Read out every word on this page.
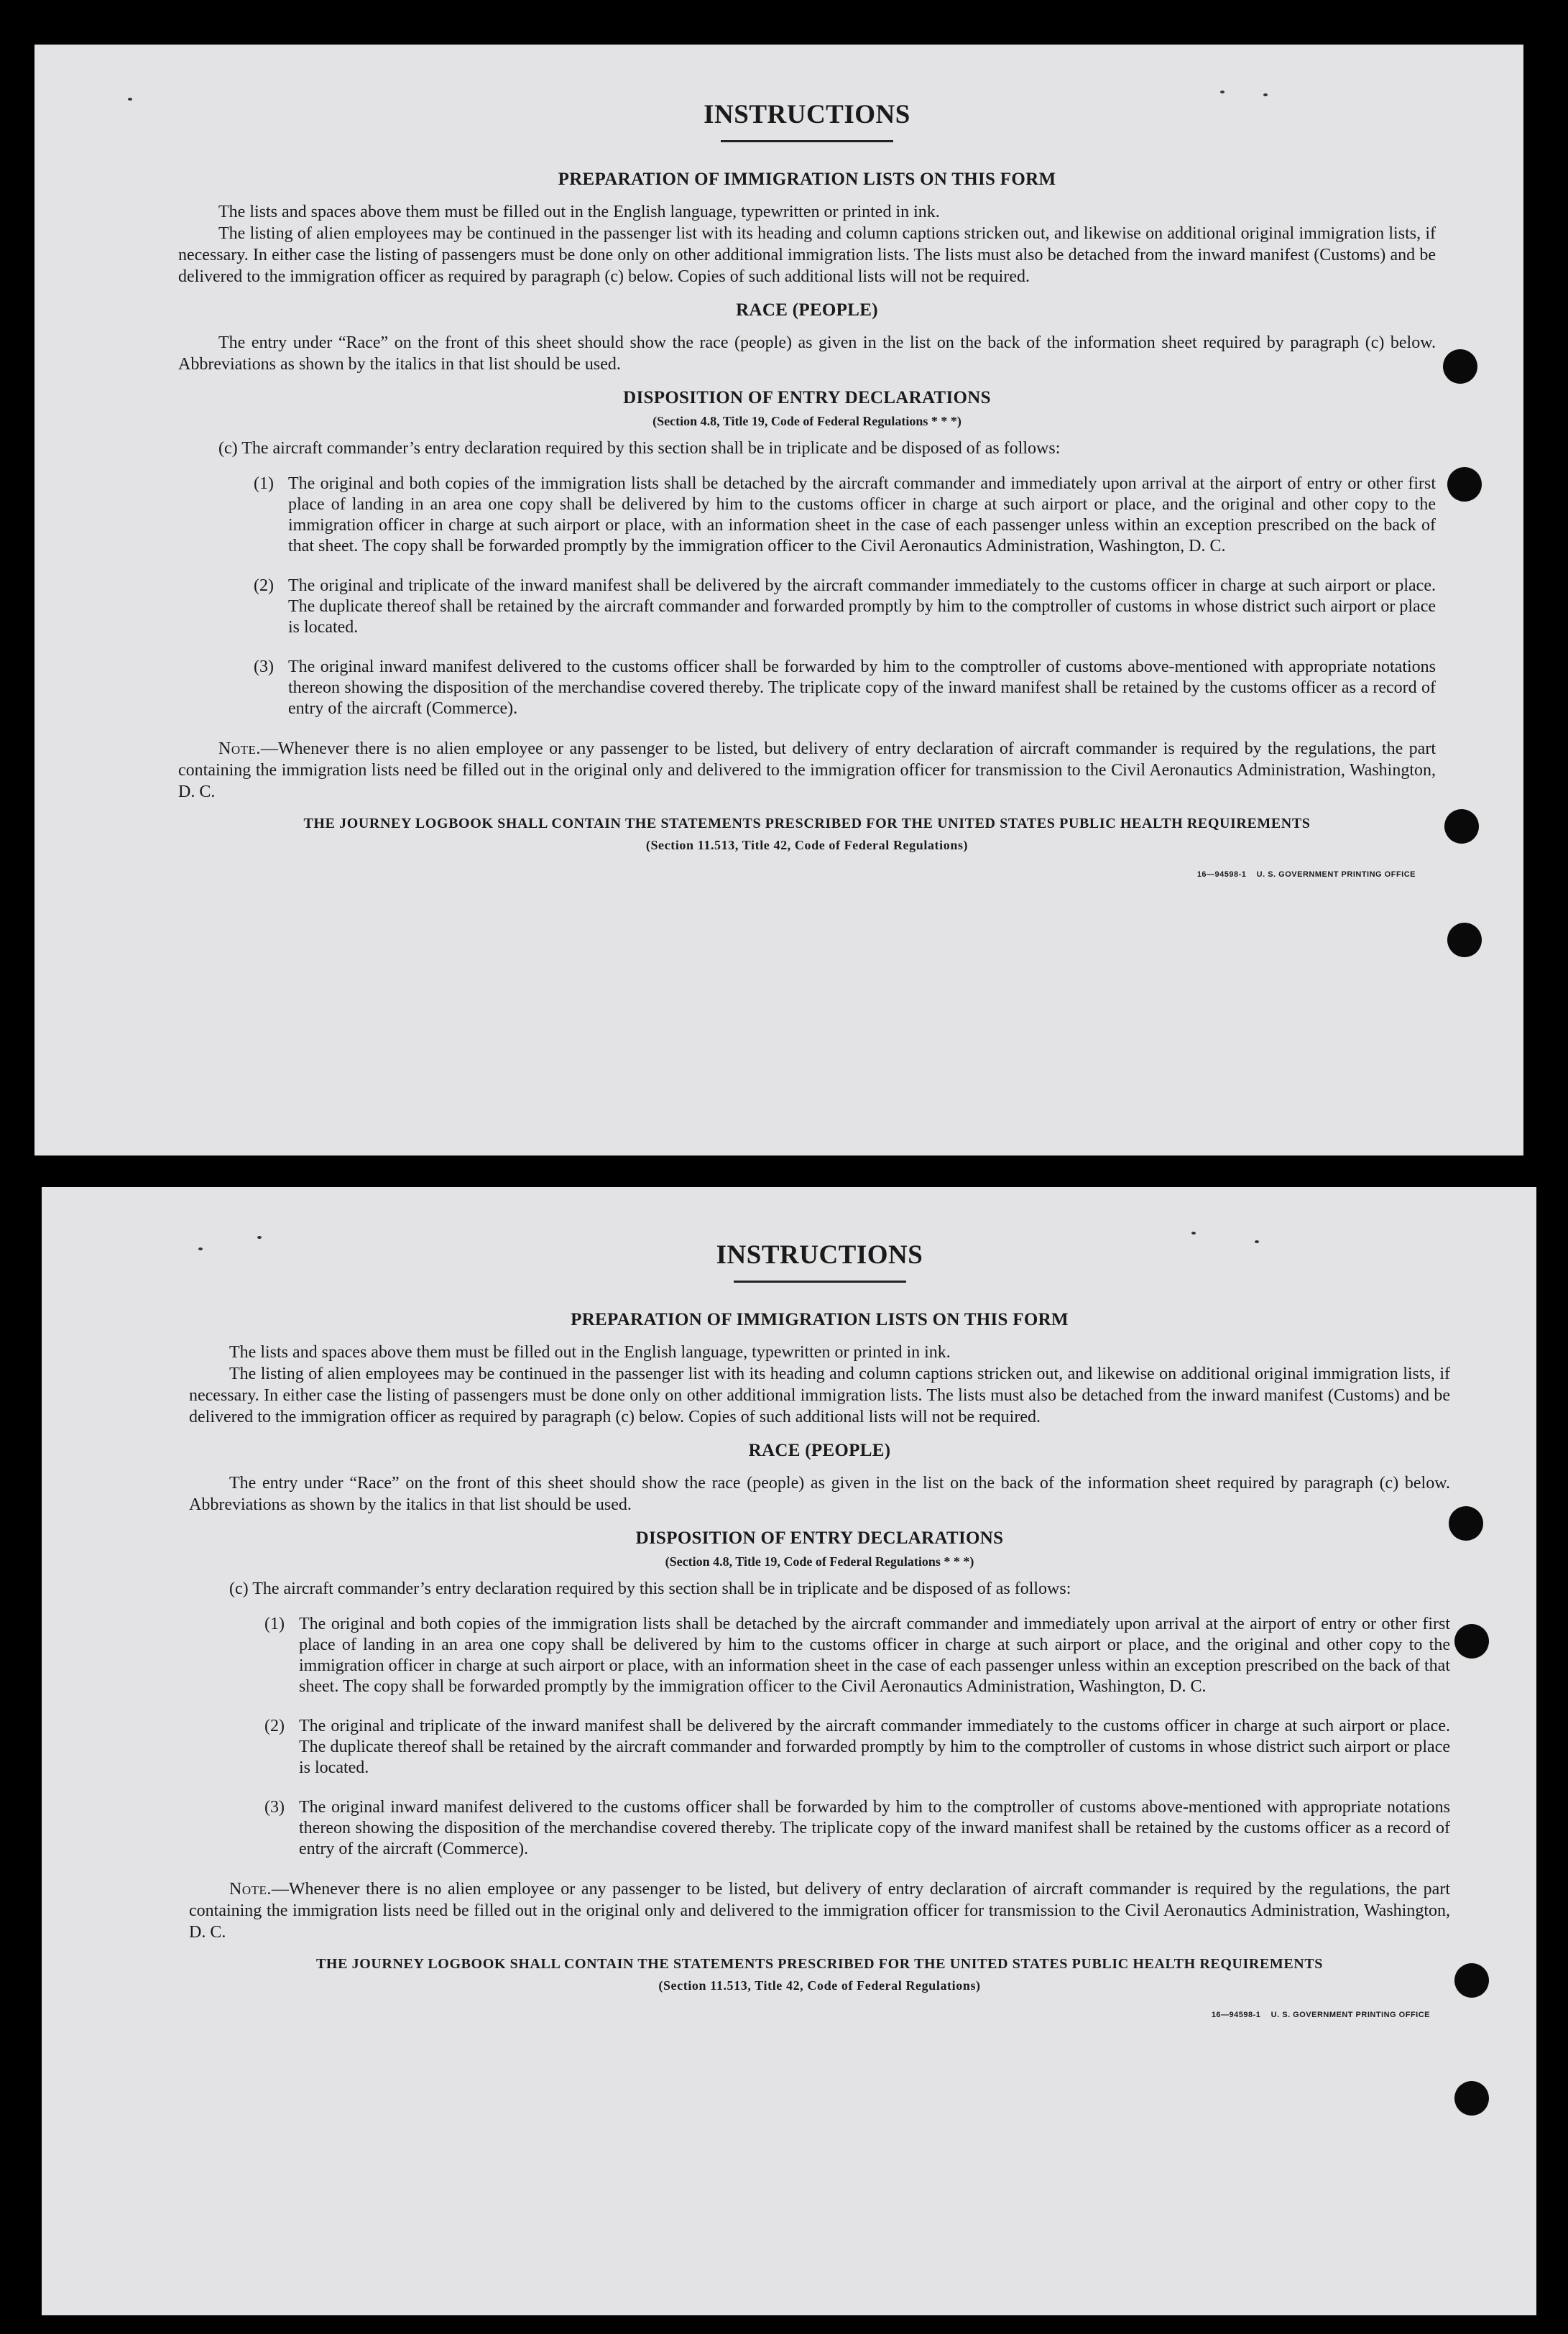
INSTRUCTIONS
PREPARATION OF IMMIGRATION LISTS ON THIS FORM

The lists and spaces above them must be filled out in the English language, typewritten or printed in ink.

The listing of alien employees may be continued in the passenger list with its heading and column captions stricken out, and likewise on additional original immigration lists, if necessary. In either case the listing of passengers must be done only on other additional immigration lists. The lists must also be detached from the inward manifest (Customs) and be delivered to the immigration officer as required by paragraph (c) below. Copies of such additional lists will not be required.

RACE (PEOPLE)

The entry under “Race” on the front of this sheet should show the race (people) as given in the list on the back of the information sheet required by paragraph (c) below. Abbreviations as shown by the italics in that list should be used.

DISPOSITION OF ENTRY DECLARATIONS
(Section 4.8, Title 19, Code of Federal Regulations * * *)

(c) The aircraft commander’s entry declaration required by this section shall be in triplicate and be disposed of as follows:

(1) The original and both copies of the immigration lists shall be detached by the aircraft commander and immediately upon arrival at the airport of entry or other first place of landing in an area one copy shall be delivered by him to the customs officer in charge at such airport or place, and the original and other copy to the immigration officer in charge at such airport or place, with an information sheet in the case of each passenger unless within an exception prescribed on the back of that sheet. The copy shall be forwarded promptly by the immigration officer to the Civil Aeronautics Administration, Washington, D. C.
(2) The original and triplicate of the inward manifest shall be delivered by the aircraft commander immediately to the customs officer in charge at such airport or place. The duplicate thereof shall be retained by the aircraft commander and forwarded promptly by him to the comptroller of customs in whose district such airport or place is located.
(3) The original inward manifest delivered to the customs officer shall be forwarded by him to the comptroller of customs above-mentioned with appropriate notations thereon showing the disposition of the merchandise covered thereby. The triplicate copy of the inward manifest shall be retained by the customs officer as a record of entry of the aircraft (Commerce).

Note.—Whenever there is no alien employee or any passenger to be listed, but delivery of entry declaration of aircraft commander is required by the regulations, the part containing the immigration lists need be filled out in the original only and delivered to the immigration officer for transmission to the Civil Aeronautics Administration, Washington, D. C.

THE JOURNEY LOGBOOK SHALL CONTAIN THE STATEMENTS PRESCRIBED FOR THE UNITED STATES PUBLIC HEALTH REQUIREMENTS
(Section 11.513, Title 42, Code of Federal Regulations)
16—94598-1 U. S. GOVERNMENT PRINTING OFFICE
INSTRUCTIONS
PREPARATION OF IMMIGRATION LISTS ON THIS FORM

The lists and spaces above them must be filled out in the English language, typewritten or printed in ink.

The listing of alien employees may be continued in the passenger list with its heading and column captions stricken out, and likewise on additional original immigration lists, if necessary. In either case the listing of passengers must be done only on other additional immigration lists. The lists must also be detached from the inward manifest (Customs) and be delivered to the immigration officer as required by paragraph (c) below. Copies of such additional lists will not be required.

RACE (PEOPLE)

The entry under “Race” on the front of this sheet should show the race (people) as given in the list on the back of the information sheet required by paragraph (c) below. Abbreviations as shown by the italics in that list should be used.

DISPOSITION OF ENTRY DECLARATIONS
(Section 4.8, Title 19, Code of Federal Regulations * * *)

(c) The aircraft commander’s entry declaration required by this section shall be in triplicate and be disposed of as follows:

(1) The original and both copies of the immigration lists shall be detached by the aircraft commander and immediately upon arrival at the airport of entry or other first place of landing in an area one copy shall be delivered by him to the customs officer in charge at such airport or place, and the original and other copy to the immigration officer in charge at such airport or place, with an information sheet in the case of each passenger unless within an exception prescribed on the back of that sheet. The copy shall be forwarded promptly by the immigration officer to the Civil Aeronautics Administration, Washington, D. C.
(2) The original and triplicate of the inward manifest shall be delivered by the aircraft commander immediately to the customs officer in charge at such airport or place. The duplicate thereof shall be retained by the aircraft commander and forwarded promptly by him to the comptroller of customs in whose district such airport or place is located.
(3) The original inward manifest delivered to the customs officer shall be forwarded by him to the comptroller of customs above-mentioned with appropriate notations thereon showing the disposition of the merchandise covered thereby. The triplicate copy of the inward manifest shall be retained by the customs officer as a record of entry of the aircraft (Commerce).

Note.—Whenever there is no alien employee or any passenger to be listed, but delivery of entry declaration of aircraft commander is required by the regulations, the part containing the immigration lists need be filled out in the original only and delivered to the immigration officer for transmission to the Civil Aeronautics Administration, Washington, D. C.

THE JOURNEY LOGBOOK SHALL CONTAIN THE STATEMENTS PRESCRIBED FOR THE UNITED STATES PUBLIC HEALTH REQUIREMENTS
(Section 11.513, Title 42, Code of Federal Regulations)
16—94598-1 U. S. GOVERNMENT PRINTING OFFICE
